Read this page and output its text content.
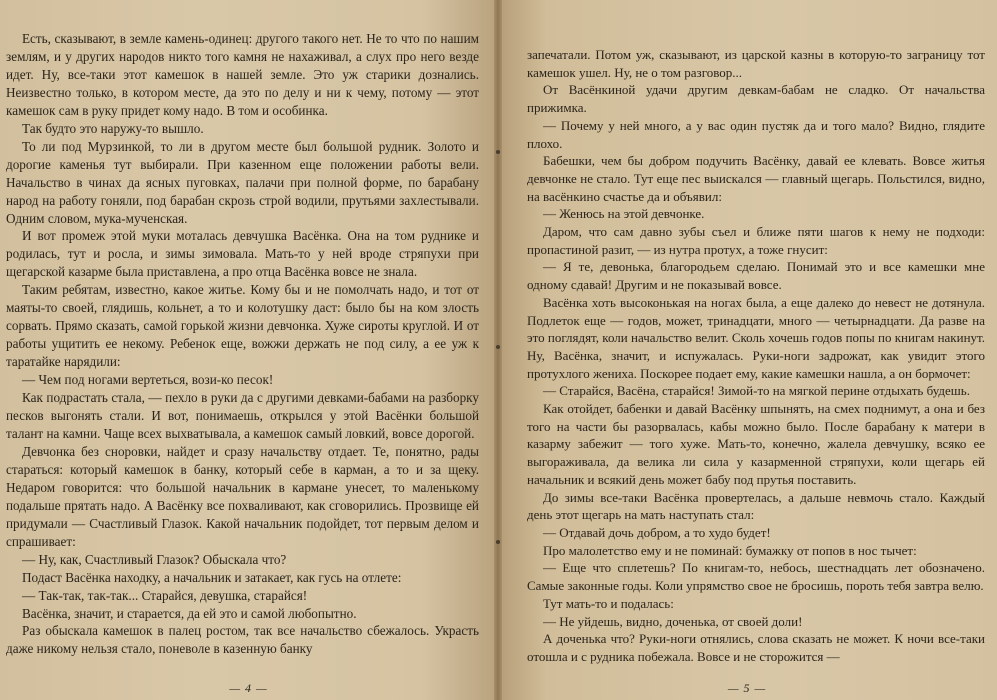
Есть, сказывают, в земле камень-одинец: другого такого нет. Не то что по нашим землям, и у других народов никто того камня не нахаживал, а слух про него везде идет. Ну, все-таки этот камешок в нашей земле. Это уж старики дознались. Неизвестно только, в котором месте, да это по делу и ни к чему, потому — этот камешок сам в руку придет кому надо. В том и особинка.

Так будто это наружу-то вышло.

То ли под Мурзинкой, то ли в другом месте был большой рудник. Золото и дорогие каменья тут выбирали. При казенном еще положении работы вели. Начальство в чинах да ясных пуговках, палачи при полной форме, по барабану народ на работу гоняли, под барабан скрозь строй водили, прутьями захлестывали. Одним словом, мука-мученская.

И вот промеж этой муки моталась девчушка Васёнка. Она на том руднике и родилась, тут и росла, и зимы зимовала. Мать-то у ней вроде стряпухи при щегарской казарме была приставлена, а про отца Васёнка вовсе не знала.

Таким ребятам, известно, какое житье. Кому бы и не помолчать надо, и тот от маяты-то своей, глядишь, кольнет, а то и колотушку даст: было бы на ком злость сорвать. Прямо сказать, самой горькой жизни девчонка. Хуже сироты круглой. И от работы ущитить ее некому. Ребенок еще, вожжи держать не под силу, а ее уж к таратайке нарядили:

— Чем под ногами вертеться, вози-ко песок!

Как подрастать стала, — пехло в руки да с другими девками-бабами на разборку песков выгонять стали. И вот, понимаешь, открылся у этой Васёнки большой талант на камни. Чаще всех выхватывала, а камешок самый ловкий, вовсе дорогой.

Девчонка без сноровки, найдет и сразу начальству отдает. Те, понятно, рады стараться: который камешок в банку, который себе в карман, а то и за щеку. Недаром говорится: что большой начальник в кармане унесет, то маленькому подальше прятать надо. А Васёнку все похваливают, как сговорились. Прозвище ей придумали — Счастливый Глазок. Какой начальник подойдет, тот первым делом и спрашивает:

— Ну, как, Счастливый Глазок? Обыскала что?

Подаст Васёнка находку, а начальник и затакает, как гусь на отлете:

— Так-так, так-так... Старайся, девушка, старайся!

Васёнка, значит, и старается, да ей это и самой любопытно.

Раз обыскала камешок в палец ростом, так все начальство сбежалось. Украсть даже никому нельзя стало, поневоле в казенную банку

— 4 —

запечатали. Потом уж, сказывают, из царской казны в которую-то заграницу тот камешок ушел. Ну, не о том разговор...

От Васёнкиной удачи другим девкам-бабам не сладко. От начальства прижимка.

— Почему у ней много, а у вас один пустяк да и того мало? Видно, глядите плохо.

Бабешки, чем бы добром подучить Васёнку, давай ее клевать. Вовсе житья девчонке не стало. Тут еще пес выискался — главный щегарь. Польстился, видно, на васёнкино счастье да и объявил:

— Женюсь на этой девчонке.

Даром, что сам давно зубы съел и ближе пяти шагов к нему не подходи: пропастиной разит, — из нутра протух, а тоже гнусит:

— Я те, девонька, благородьем сделаю. Понимай это и все камешки мне одному сдавай! Другим и не показывай вовсе.

Васёнка хоть высоконькая на ногах была, а еще далеко до невест не дотянула. Подлеток еще — годов, может, тринадцати, много — четырнадцати. Да разве на это поглядят, коли начальство велит. Сколь хочешь годов попы по книгам накинут. Ну, Васёнка, значит, и испужалась. Руки-ноги задрожат, как увидит этого протухлого жениха. Поскорее подает ему, какие камешки нашла, а он бормочет:

— Старайся, Васёна, старайся! Зимой-то на мягкой перине отдыхать будешь.

Как отойдет, бабенки и давай Васёнку шпынять, на смех поднимут, а она и без того на части бы разорвалась, кабы можно было. После барабану к матери в казарму забежит — того хуже. Мать-то, конечно, жалела девчушку, всяко ее выгораживала, да велика ли сила у казарменной стряпухи, коли щегарь ей начальник и всякий день может бабу под прутья поставить.

До зимы все-таки Васёнка провертелась, а дальше невмочь стало. Каждый день этот щегарь на мать наступать стал:

— Отдавай дочь добром, а то худо будет!

Про малолетство ему и не поминай: бумажку от попов в нос тычет:

— Еще что сплетешь? По книгам-то, небось, шестнадцать лет обозначено. Самые законные годы. Коли упрямство свое не бросишь, пороть тебя завтра велю.

Тут мать-то и подалась:

— Не уйдешь, видно, доченька, от своей доли!

А доченька что? Руки-ноги отнялись, слова сказать не может. К ночи все-таки отошла и с рудника побежала. Вовсе и не сторожится —

— 5 —
